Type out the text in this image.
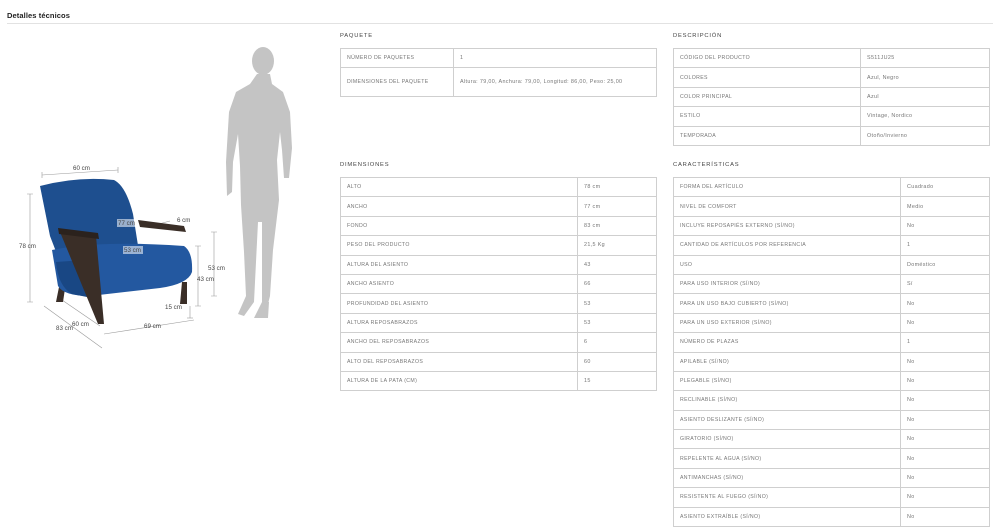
Detalles técnicos
60 cm
78 cm
6 cm
77 cm
53 cm
53 cm
43 cm
15 cm
60 cm
83 cm	69 cm
PAQUETE
NÚMERO DE PAQUETES	1
DIMENSIONES DEL PAQUETE	Altura: 79,00, Anchura: 79,00, Longitud: 86,00, Peso: 25,00
DESCRIPCIÓN
CÓDIGO DEL PRODUCTO	S511JU25
COLORES	Azul, Negro
COLOR PRINCIPAL	Azul
ESTILO	Vintage, Nordico
TEMPORADA	Otoño/Invierno
DIMENSIONES
ALTO	78 cm
ANCHO	77 cm
FONDO	83 cm
PESO DEL PRODUCTO	21,5 Kg
ALTURA DEL ASIENTO	43
ANCHO ASIENTO	66
PROFUNDIDAD DEL ASIENTO	53
ALTURA REPOSABRAZOS	53
ANCHO DEL REPOSABRAZOS	6
ALTO DEL REPOSABRAZOS	60
ALTURA DE LA PATA (CM)	15
CARACTERÍSTICAS
FORMA DEL ARTÍCULO	Cuadrado
NIVEL DE COMFORT	Medio
INCLUYE REPOSAPIÉS EXTERNO (SÍ/NO)	No
CANTIDAD DE ARTÍCULOS POR REFERENCIA	1
USO	Doméstico
PARA USO INTERIOR (SÍ/NO)	Sí
PARA UN USO BAJO CUBIERTO (SÍ/NO)	No
PARA UN USO EXTERIOR (SÍ/NO)	No
NÚMERO DE PLAZAS	1
APILABLE (SÍ/NO)	No
PLEGABLE (SÍ/NO)	No
RECLINABLE (SÍ/NO)	No
ASIENTO DESLIZANTE (SÍ/NO)	No
GIRATORIO (SÍ/NO)	No
REPELENTE AL AGUA (SÍ/NO)	No
ANTIMANCHAS (SÍ/NO)	No
RESISTENTE AL FUEGO (SÍ/NO)	No
ASIENTO EXTRAÍBLE (SÍ/NO)	No
